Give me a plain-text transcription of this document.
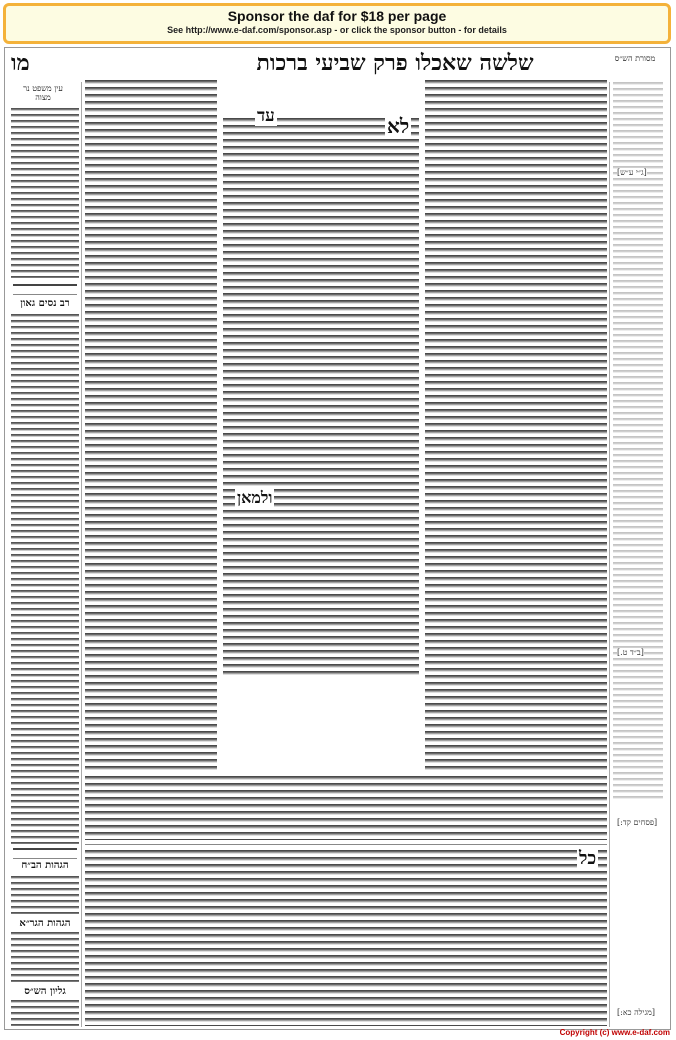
Sponsor the daf for $18 per page
See http://www.e-daf.com/sponsor.asp - or click the sponsor button - for details
מו	שלשה שאכלו פרק שביעי ברכות	מסורת הש״ס
עין משפט נר מצוה
לא
עד
ולמאן
רב נסים גאון
הגהות הב״ח
הגהות הגר״א
גליון הש״ס
כל
[ג״י ע״ש]
[ב״ד ט.]
[פסחים קד:]
[מגילה כא:]
Copyright (c) www.e-daf.com
